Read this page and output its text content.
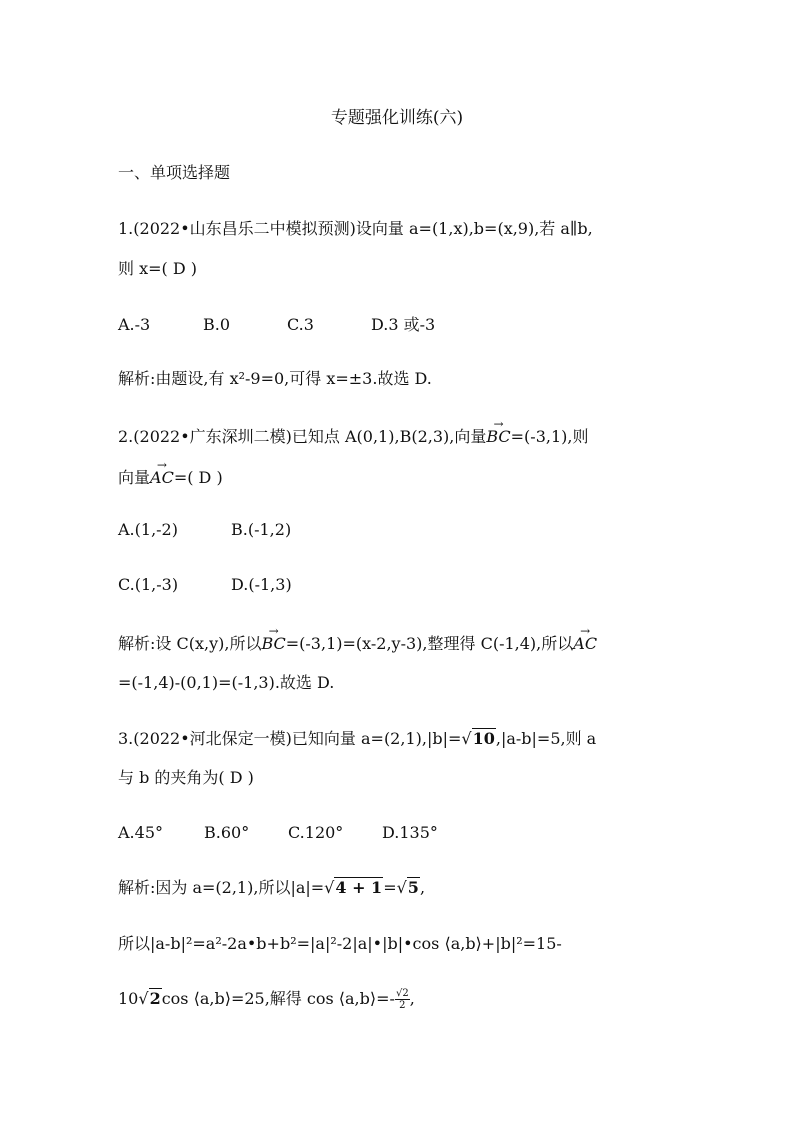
专题强化训练(六)
一、单项选择题
1.(2022•山东昌乐二中模拟预测)设向量 a=(1,x),b=(x,9),若 a∥b,
则 x=( D )
A.-3	B.0	C.3	D.3 或-3
解析:由题设,有 x²-9=0,可得 x=±3.故选 D.
2.(2022•广东深圳二模)已知点 A(0,1),B(2,3),向量→ BC=(-3,1),则
向量→ AC=( D )
A.(1,-2)	B.(-1,2)
C.(1,-3)	D.(-1,3)
解析:设 C(x,y),所以→ BC=(-3,1)=(x-2,y-3),整理得 C(-1,4),所以→ AC
=(-1,4)-(0,1)=(-1,3).故选 D.
3.(2022•河北保定一模)已知向量 a=(2,1),|b|=√10,|a-b|=5,则 a
与 b 的夹角为( D )
A.45°	B.60° C.120° D.135°
解析:因为 a=(2,1),所以|a|=√4 + 1=√5,
所以|a-b|²=a²-2a•b+b²=|a|²-2|a|•|b|•cos ⟨a,b⟩+|b|²=15-
10√2cos ⟨a,b⟩=25,解得 cos ⟨a,b⟩=- $\frac{√2}{2}$ ,
